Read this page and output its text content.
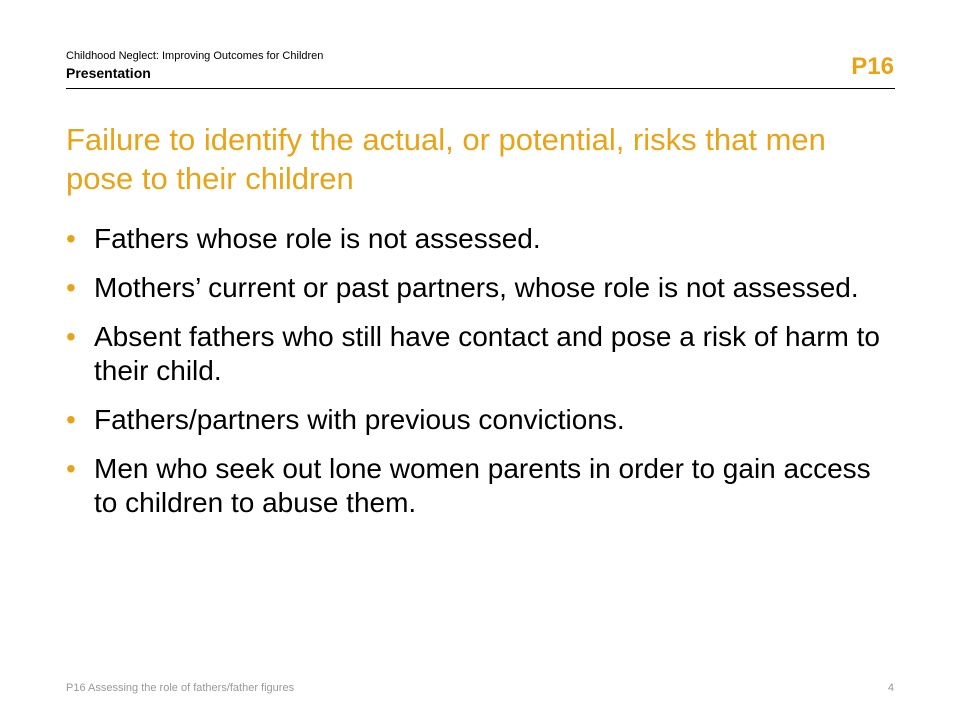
Childhood Neglect: Improving Outcomes for Children
Presentation	P16
Failure to identify the actual, or potential, risks that men pose to their children
• Fathers whose role is not assessed.
• Mothers’ current or past partners, whose role is not assessed.
• Absent fathers who still have contact and pose a risk of harm to their child.
• Fathers/partners with previous convictions.
• Men who seek out lone women parents in order to gain access to children to abuse them.
P16 Assessing the role of fathers/father figures	4
